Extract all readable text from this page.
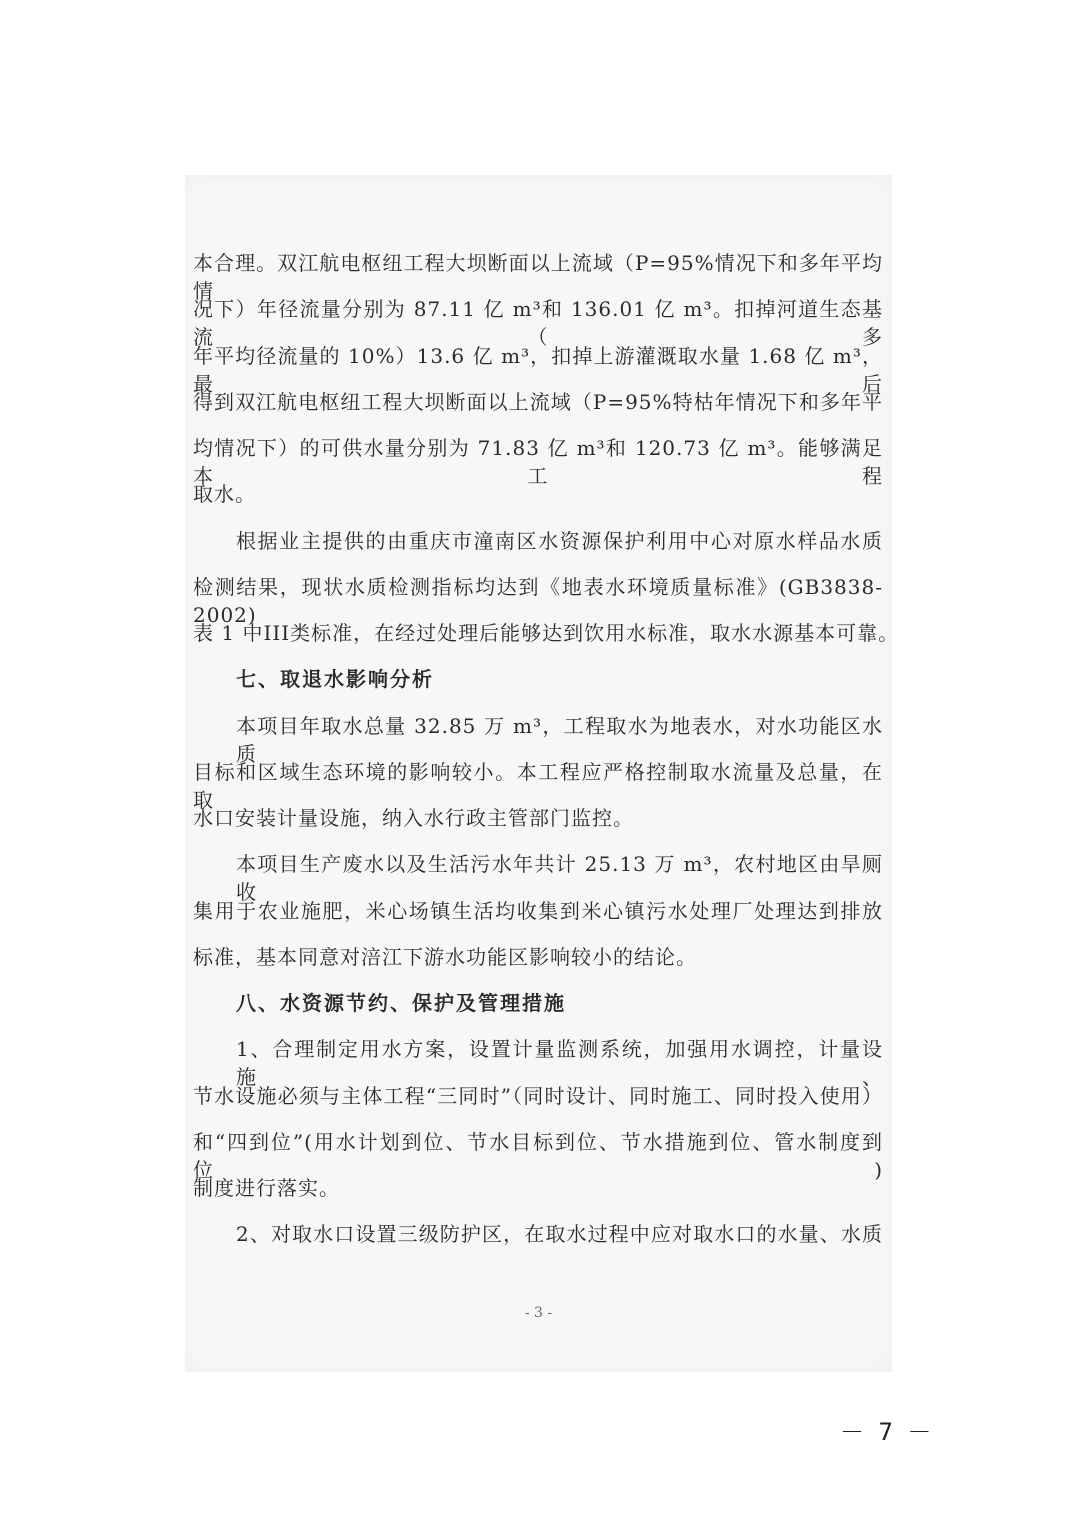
本合理。双江航电枢纽工程大坝断面以上流域（P=95%情况下和多年平均情
况下）年径流量分别为 87.11 亿 m³和 136.01 亿 m³。扣掉河道生态基流（多
年平均径流量的 10%）13.6 亿 m³，扣掉上游灌溉取水量 1.68 亿 m³，最后
得到双江航电枢纽工程大坝断面以上流域（P=95%特枯年情况下和多年平
均情况下）的可供水量分别为 71.83 亿 m³和 120.73 亿 m³。能够满足本工程
取水。
根据业主提供的由重庆市潼南区水资源保护利用中心对原水样品水质
检测结果，现状水质检测指标均达到《地表水环境质量标准》(GB3838-2002)
表 1 中III类标准，在经过处理后能够达到饮用水标准，取水水源基本可靠。
七、取退水影响分析
本项目年取水总量 32.85 万 m³，工程取水为地表水，对水功能区水质
目标和区域生态环境的影响较小。本工程应严格控制取水流量及总量，在取
水口安装计量设施，纳入水行政主管部门监控。
本项目生产废水以及生活污水年共计 25.13 万 m³，农村地区由旱厕收
集用于农业施肥，米心场镇生活均收集到米心镇污水处理厂处理达到排放
标准，基本同意对涪江下游水功能区影响较小的结论。
八、水资源节约、保护及管理措施
1、合理制定用水方案，设置计量监测系统，加强用水调控，计量设施、
节水设施必须与主体工程“三同时”（同时设计、同时施工、同时投入使用）
和“四到位”(用水计划到位、节水目标到位、节水措施到位、管水制度到位)
制度进行落实。
2、对取水口设置三级防护区，在取水过程中应对取水口的水量、水质
- 3 -
－ 7 －
